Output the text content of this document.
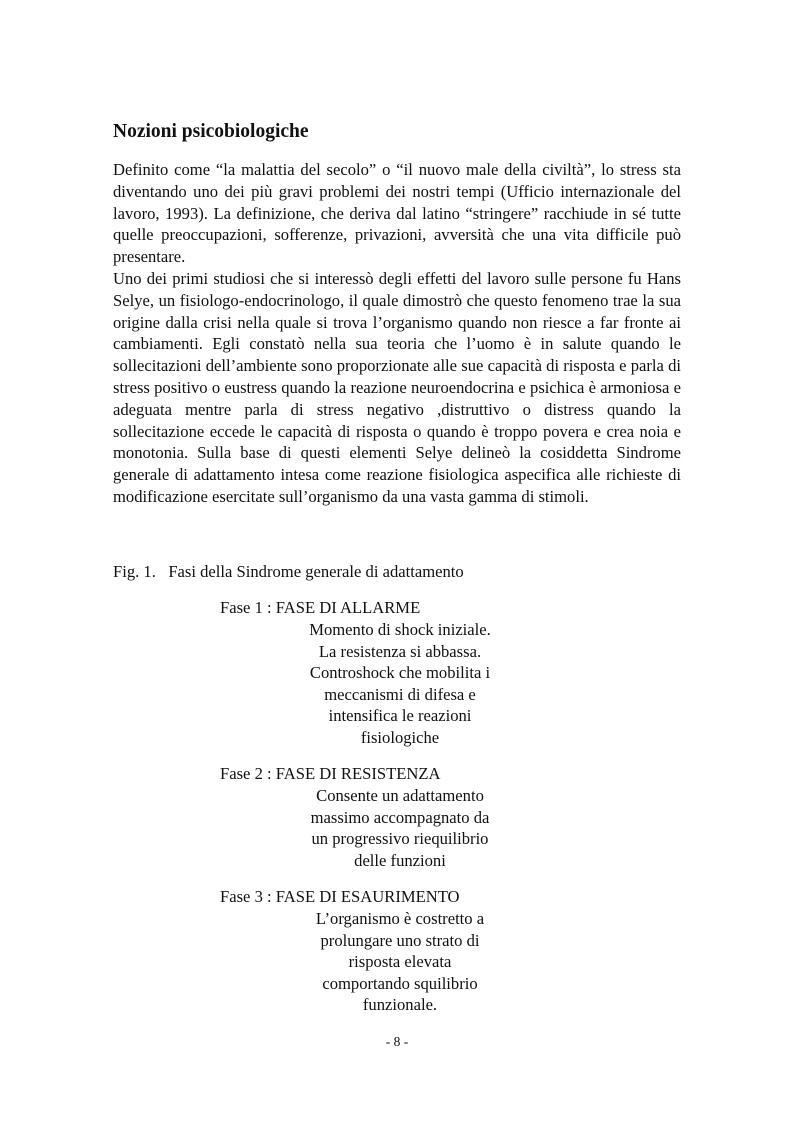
Nozioni psicobiologiche

Definito come “la malattia del secolo” o “il nuovo male della civiltà”, lo stress sta diventando uno dei più gravi problemi dei nostri tempi (Ufficio internazionale del lavoro, 1993). La definizione, che deriva dal latino “stringere” racchiude in sé tutte quelle preoccupazioni, sofferenze, privazioni, avversità che una vita difficile può presentare.

Uno dei primi studiosi che si interessò degli effetti del lavoro sulle persone fu Hans Selye, un fisiologo-endocrinologo, il quale dimostrò che questo fenomeno trae la sua origine dalla crisi nella quale si trova l’organismo quando non riesce a far fronte ai cambiamenti. Egli constatò nella sua teoria che l’uomo è in salute quando le sollecitazioni dell’ambiente sono proporzionate alle sue capacità di risposta e parla di stress positivo o eustress quando la reazione neuroendocrina e psichica è armoniosa e adeguata mentre parla di stress negativo ,distruttivo o distress quando la sollecitazione eccede le capacità di risposta o quando è troppo povera e crea noia e monotonia. Sulla base di questi elementi Selye delineò la cosiddetta Sindrome generale di adattamento intesa come reazione fisiologica aspecifica alle richieste di modificazione esercitate sull’organismo da una vasta gamma di stimoli.

Fig. 1.   Fasi della Sindrome generale di adattamento
Fase 1 : FASE DI ALLARME
Momento di shock iniziale.
La resistenza si abbassa.
Controshock che mobilita i
meccanismi di difesa e
intensifica le reazioni
fisiologiche
Fase 2 : FASE DI RESISTENZA
Consente un adattamento
massimo accompagnato da
un progressivo riequilibrio
delle funzioni
Fase 3 : FASE DI ESAURIMENTO
L’organismo è costretto a
prolungare uno strato di
risposta elevata
comportando squilibrio
funzionale.
- 8 -
